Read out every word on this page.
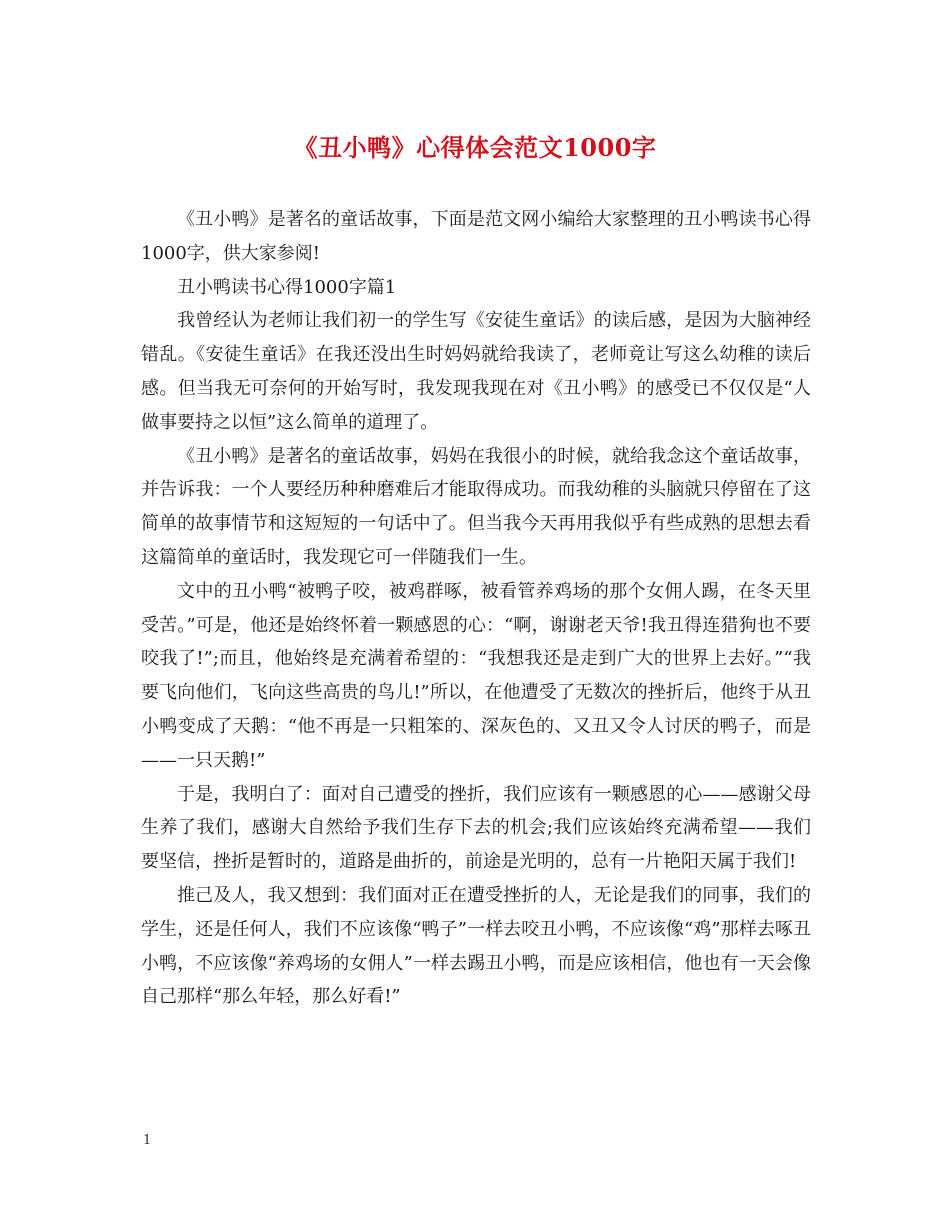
《丑小鸭》心得体会范文1000字

《丑小鸭》是著名的童话故事，下面是范文网小编给大家整理的丑小鸭读书心得1000字，供大家参阅!

丑小鸭读书心得1000字篇1

我曾经认为老师让我们初一的学生写《安徒生童话》的读后感，是因为大脑神经错乱。《安徒生童话》在我还没出生时妈妈就给我读了，老师竟让写这么幼稚的读后感。但当我无可奈何的开始写时，我发现我现在对《丑小鸭》的感受已不仅仅是“人做事要持之以恒”这么简单的道理了。

《丑小鸭》是著名的童话故事，妈妈在我很小的时候，就给我念这个童话故事，并告诉我：一个人要经历种种磨难后才能取得成功。而我幼稚的头脑就只停留在了这简单的故事情节和这短短的一句话中了。但当我今天再用我似乎有些成熟的思想去看这篇简单的童话时，我发现它可一伴随我们一生。

文中的丑小鸭“被鸭子咬，被鸡群啄，被看管养鸡场的那个女佣人踢，在冬天里受苦。”可是，他还是始终怀着一颗感恩的心：“啊，谢谢老天爷!我丑得连猎狗也不要咬我了!”;而且，他始终是充满着希望的：“我想我还是走到广大的世界上去好。”“我要飞向他们，飞向这些高贵的鸟儿!”所以，在他遭受了无数次的挫折后，他终于从丑小鸭变成了天鹅：“他不再是一只粗笨的、深灰色的、又丑又令人讨厌的鸭子，而是——一只天鹅!”

于是，我明白了：面对自己遭受的挫折，我们应该有一颗感恩的心——感谢父母生养了我们，感谢大自然给予我们生存下去的机会;我们应该始终充满希望——我们要坚信，挫折是暂时的，道路是曲折的，前途是光明的，总有一片艳阳天属于我们!

推己及人，我又想到：我们面对正在遭受挫折的人，无论是我们的同事，我们的学生，还是任何人，我们不应该像“鸭子”一样去咬丑小鸭，不应该像“鸡”那样去啄丑小鸭，不应该像“养鸡场的女佣人”一样去踢丑小鸭，而是应该相信，他也有一天会像自己那样“那么年轻，那么好看!”

1
